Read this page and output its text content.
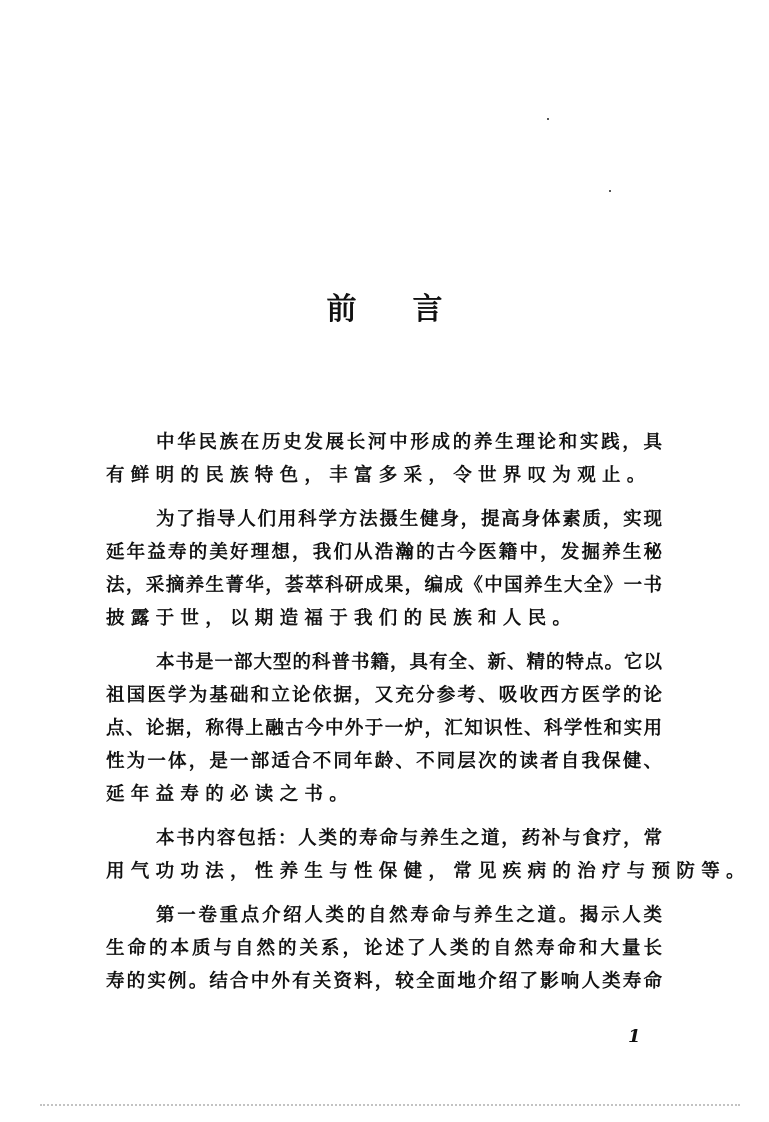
前 言
中华民族在历史发展长河中形成的养生理论和实践，具
有鲜明的民族特色，丰富多采，令世界叹为观止。
为了指导人们用科学方法摄生健身，提高身体素质，实现
延年益寿的美好理想，我们从浩瀚的古今医籍中，发掘养生秘
法，采摘养生菁华，荟萃科研成果，编成《中国养生大全》一书
披露于世，以期造福于我们的民族和人民。
本书是一部大型的科普书籍，具有全、新、精的特点。它以
祖国医学为基础和立论依据，又充分参考、吸收西方医学的论
点、论据，称得上融古今中外于一炉，汇知识性、科学性和实用
性为一体，是一部适合不同年龄、不同层次的读者自我保健、
延年益寿的必读之书。
本书内容包括：人类的寿命与养生之道，药补与食疗，常
用气功功法，性养生与性保健，常见疾病的治疗与预防等。
第一卷重点介绍人类的自然寿命与养生之道。揭示人类
生命的本质与自然的关系，论述了人类的自然寿命和大量长
寿的实例。结合中外有关资料，较全面地介绍了影响人类寿命
1
